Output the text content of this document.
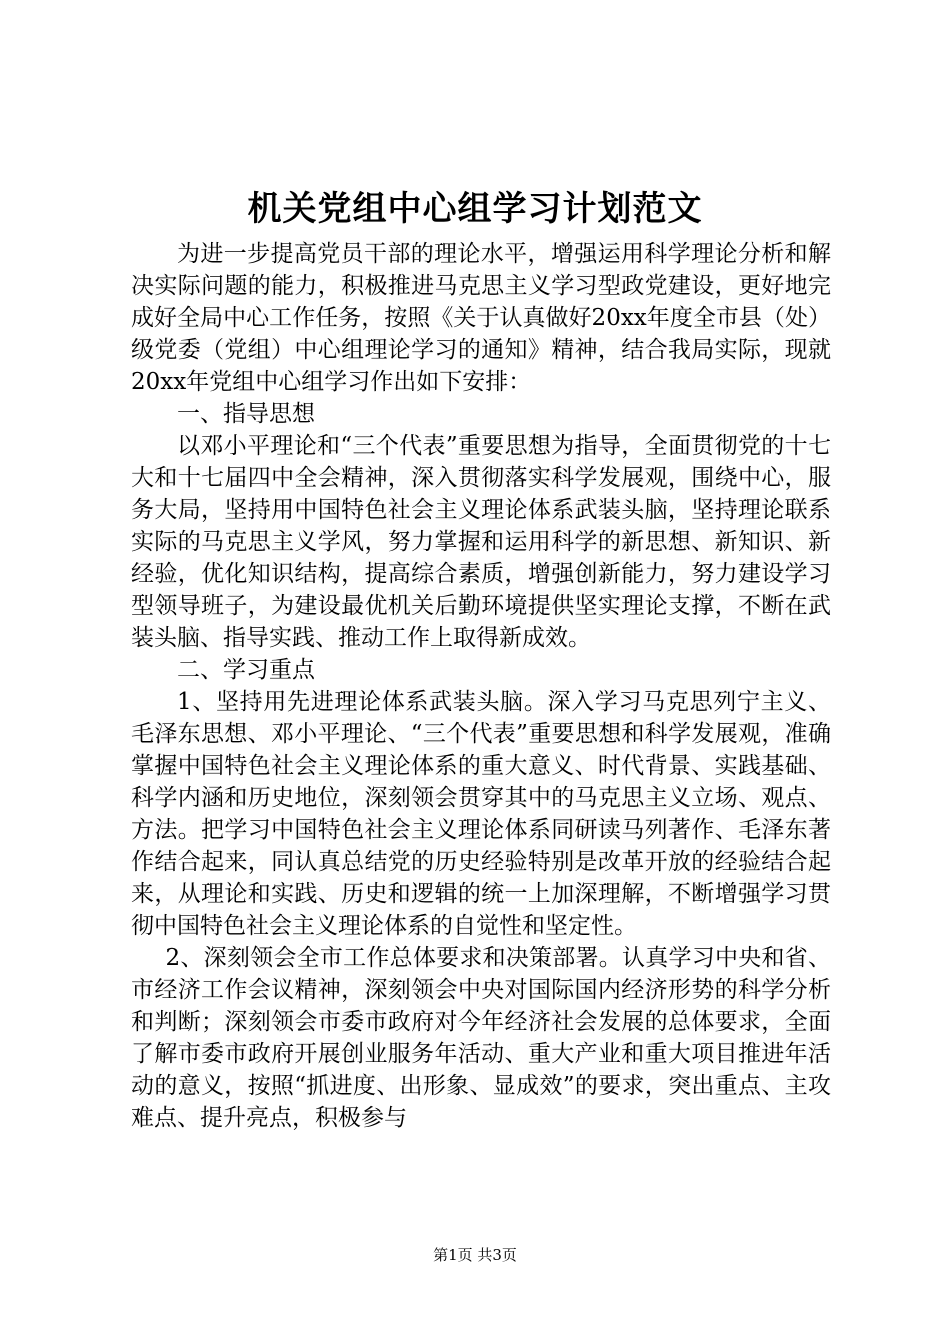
机关党组中心组学习计划范文

为进一步提高党员干部的理论水平，增强运用科学理论分析和解决实际问题的能力，积极推进马克思主义学习型政党建设，更好地完成好全局中心工作任务，按照《关于认真做好20xx年度全市县（处）级党委（党组）中心组理论学习的通知》精神，结合我局实际，现就20xx年党组中心组学习作出如下安排：

一、指导思想

以邓小平理论和“三个代表”重要思想为指导，全面贯彻党的十七大和十七届四中全会精神，深入贯彻落实科学发展观，围绕中心，服务大局，坚持用中国特色社会主义理论体系武装头脑，坚持理论联系实际的马克思主义学风，努力掌握和运用科学的新思想、新知识、新经验，优化知识结构，提高综合素质，增强创新能力，努力建设学习型领导班子，为建设最优机关后勤环境提供坚实理论支撑，不断在武装头脑、指导实践、推动工作上取得新成效。

二、学习重点

1、坚持用先进理论体系武装头脑。深入学习马克思列宁主义、毛泽东思想、邓小平理论、“三个代表”重要思想和科学发展观，准确掌握中国特色社会主义理论体系的重大意义、时代背景、实践基础、科学内涵和历史地位，深刻领会贯穿其中的马克思主义立场、观点、方法。把学习中国特色社会主义理论体系同研读马列著作、毛泽东著作结合起来，同认真总结党的历史经验特别是改革开放的经验结合起来，从理论和实践、历史和逻辑的统一上加深理解，不断增强学习贯彻中国特色社会主义理论体系的自觉性和坚定性。

2、深刻领会全市工作总体要求和决策部署。认真学习中央和省、市经济工作会议精神，深刻领会中央对国际国内经济形势的科学分析和判断；深刻领会市委市政府对今年经济社会发展的总体要求，全面了解市委市政府开展创业服务年活动、重大产业和重大项目推进年活动的意义，按照“抓进度、出形象、显成效”的要求，突出重点、主攻难点、提升亮点，积极参与

第1页 共3页
